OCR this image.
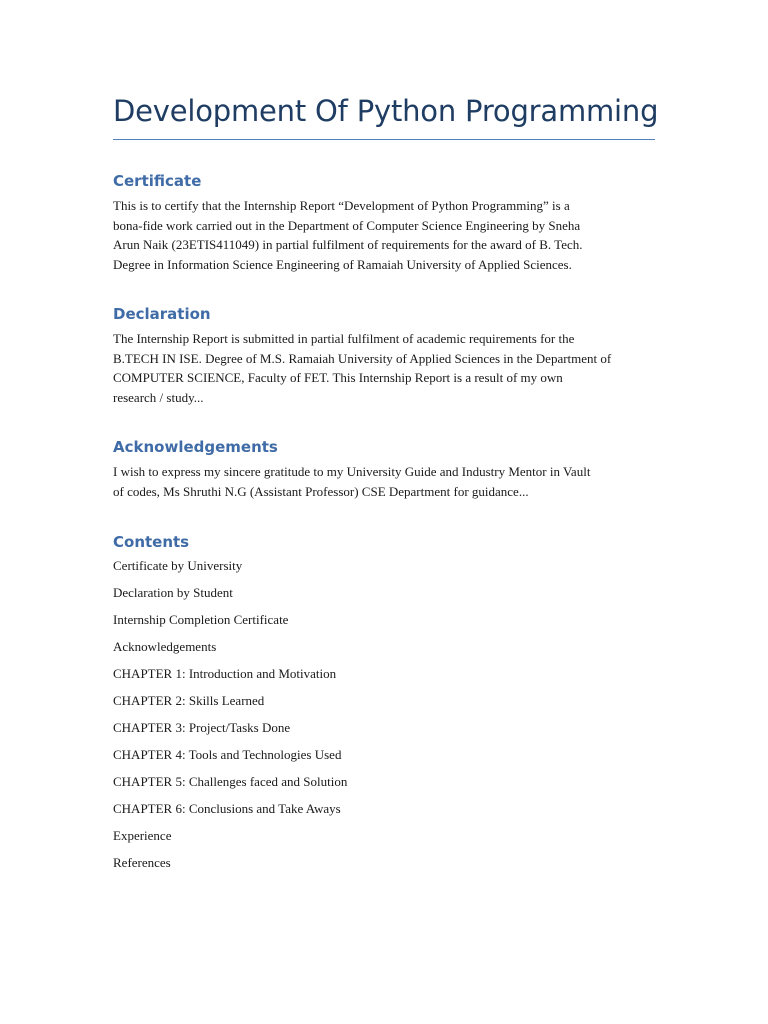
Development Of Python Programming
Certificate

This is to certify that the Internship Report “Development of Python Programming” is a
bona-fide work carried out in the Department of Computer Science Engineering by Sneha
Arun Naik (23ETIS411049) in partial fulfilment of requirements for the award of B. Tech.
Degree in Information Science Engineering of Ramaiah University of Applied Sciences.

Declaration

The Internship Report is submitted in partial fulfilment of academic requirements for the
B.TECH IN ISE. Degree of M.S. Ramaiah University of Applied Sciences in the Department of
COMPUTER SCIENCE, Faculty of FET. This Internship Report is a result of my own
research / study...

Acknowledgements

I wish to express my sincere gratitude to my University Guide and Industry Mentor in Vault
of codes, Ms Shruthi N.G (Assistant Professor) CSE Department for guidance...

Contents
Certificate by University
Declaration by Student
Internship Completion Certificate
Acknowledgements
CHAPTER 1: Introduction and Motivation
CHAPTER 2: Skills Learned
CHAPTER 3: Project/Tasks Done
CHAPTER 4: Tools and Technologies Used
CHAPTER 5: Challenges faced and Solution
CHAPTER 6: Conclusions and Take Aways
Experience
References
